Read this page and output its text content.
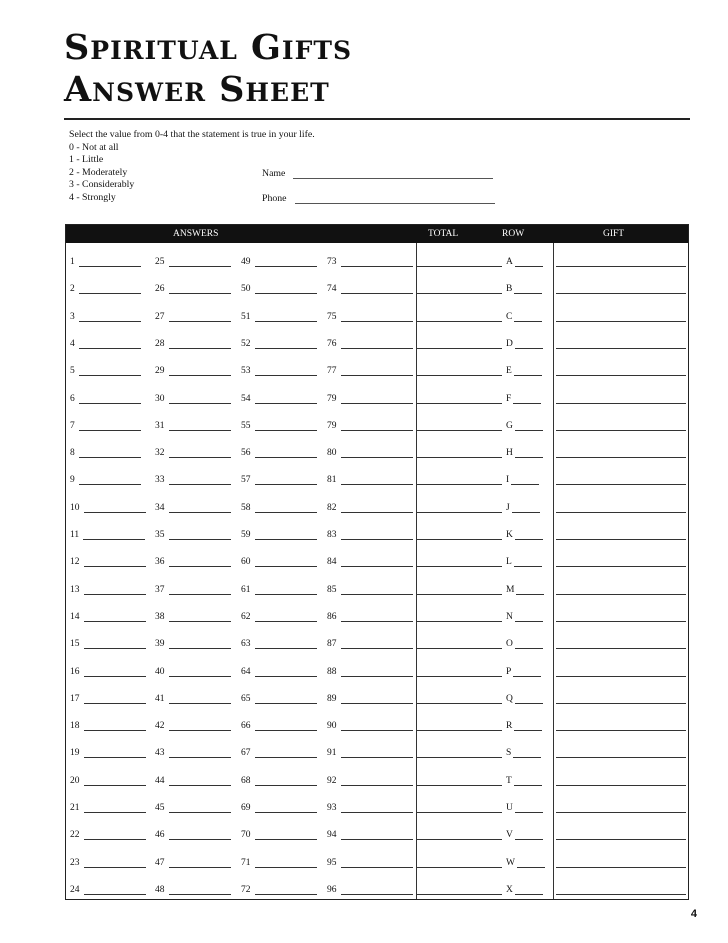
Spiritual Gifts
Answer Sheet
Select the value from 0-4 that the statement is true in your life.
0 - Not at all
1 - Little
2 - Moderately
3 - Considerably
4 - Strongly
Name
Phone
ANSWERS	TOTAL	ROW	GIFT
1	25	49	73	A
2	26	50	74	B
3	27	51	75	C
4	28	52	76	D
5	29	53	77	E
6	30	54	79	F
7	31	55	79	G
8	32	56	80	H
9	33	57	81	I
10	34	58	82	J
11	35	59	83	K
12	36	60	84	L
13	37	61	85	M
14	38	62	86	N
15	39	63	87	O
16	40	64	88	P
17	41	65	89	Q
18	42	66	90	R
19	43	67	91	S
20	44	68	92	T
21	45	69	93	U
22	46	70	94	V
23	47	71	95	W
24	48	72	96	X
4
